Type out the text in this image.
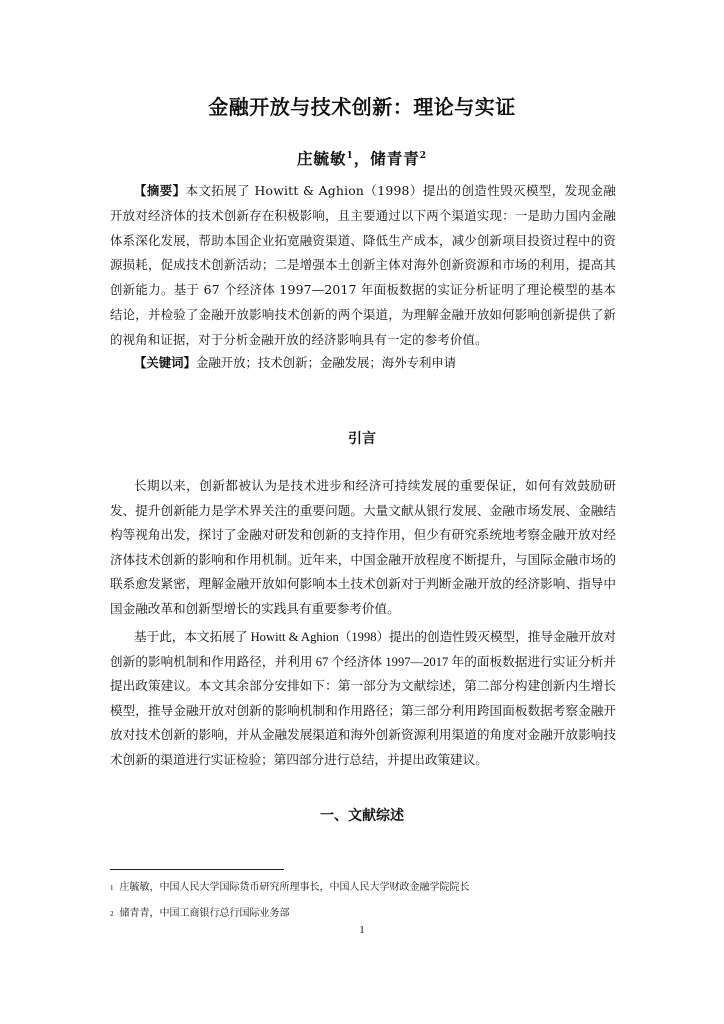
金融开放与技术创新：理论与实证
庄毓敏$^1$，储青青$^2$
【摘要】本文拓展了 Howitt & Aghion（1998）提出的创造性毁灭模型，发现金融开放对经济体的技术创新存在积极影响，且主要通过以下两个渠道实现：一是助力国内金融体系深化发展，帮助本国企业拓宽融资渠道、降低生产成本，减少创新项目投资过程中的资源损耗，促成技术创新活动；二是增强本土创新主体对海外创新资源和市场的利用，提高其创新能力。基于 67 个经济体 1997—2017 年面板数据的实证分析证明了理论模型的基本结论，并检验了金融开放影响技术创新的两个渠道，为理解金融开放如何影响创新提供了新的视角和证据，对于分析金融开放的经济影响具有一定的参考价值。
【关键词】金融开放；技术创新；金融发展；海外专利申请
引言
长期以来，创新都被认为是技术进步和经济可持续发展的重要保证，如何有效鼓励研发、提升创新能力是学术界关注的重要问题。大量文献从银行发展、金融市场发展、金融结构等视角出发，探讨了金融对研发和创新的支持作用，但少有研究系统地考察金融开放对经济体技术创新的影响和作用机制。近年来，中国金融开放程度不断提升，与国际金融市场的联系愈发紧密，理解金融开放如何影响本土技术创新对于判断金融开放的经济影响、指导中国金融改革和创新型增长的实践具有重要参考价值。
基于此，本文拓展了 Howitt & Aghion（1998）提出的创造性毁灭模型，推导金融开放对创新的影响机制和作用路径，并利用 67 个经济体 1997—2017 年的面板数据进行实证分析并提出政策建议。本文其余部分安排如下：第一部分为文献综述，第二部分构建创新内生增长模型，推导金融开放对创新的影响机制和作用路径；第三部分利用跨国面板数据考察金融开放对技术创新的影响，并从金融发展渠道和海外创新资源利用渠道的角度对金融开放影响技术创新的渠道进行实证检验；第四部分进行总结，并提出政策建议。
一、文献综述
$^1$ 庄毓敏，中国人民大学国际货币研究所理事长，中国人民大学财政金融学院院长
$^2$ 储青青，中国工商银行总行国际业务部
1
